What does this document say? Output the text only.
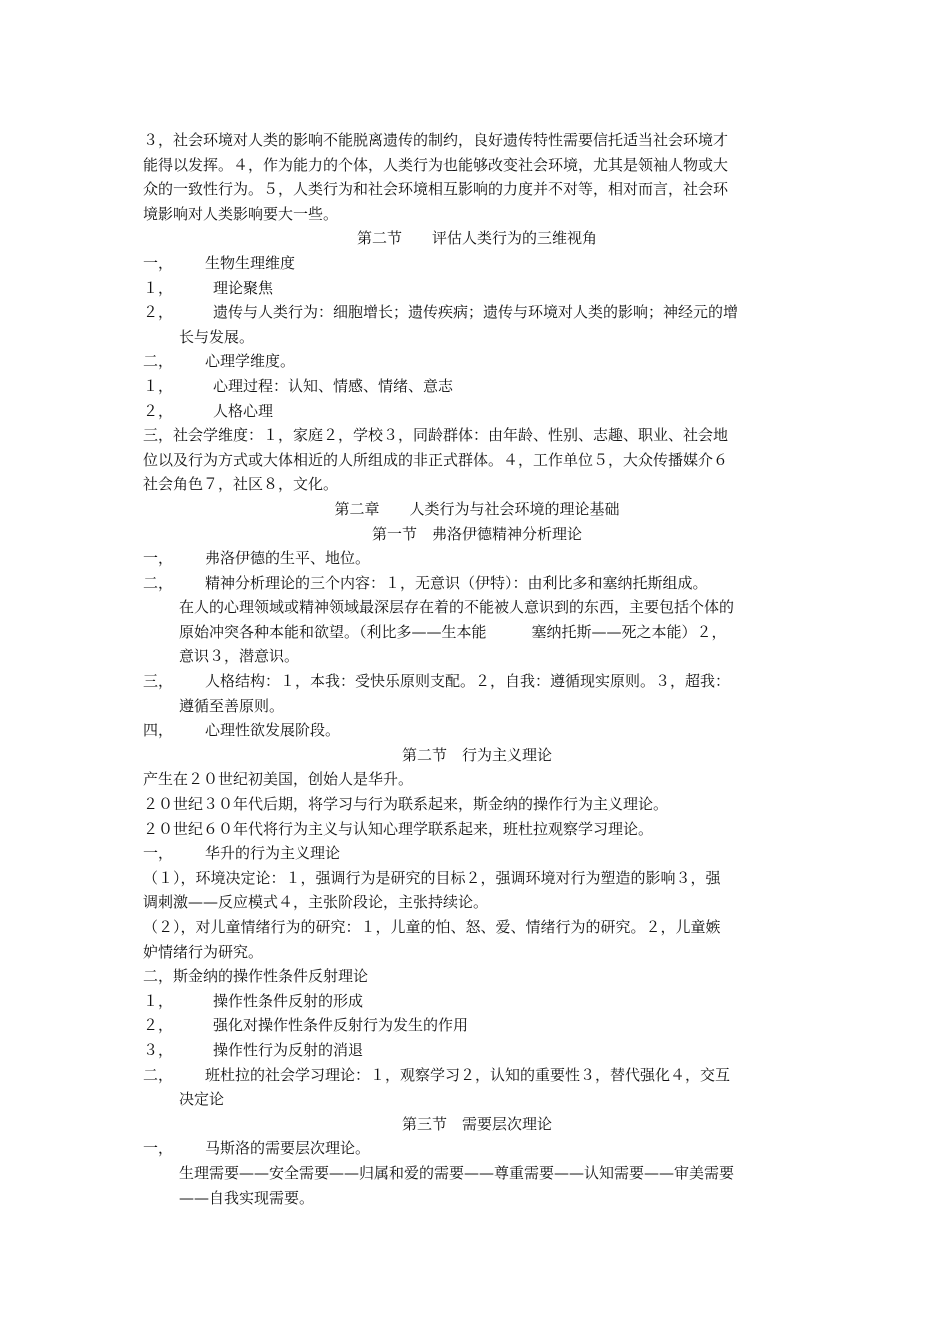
３，社会环境对人类的影响不能脱离遗传的制约，良好遗传特性需要信托适当社会环境才
能得以发挥。４，作为能力的个体，人类行为也能够改变社会环境，尤其是领袖人物或大
众的一致性行为。５，人类行为和社会环境相互影响的力度并不对等，相对而言，社会环
境影响对人类影响要大一些。
第二节　　评估人类行为的三维视角
一， 生物生理维度
１，	理论聚焦
２，	遗传与人类行为：细胞增长；遗传疾病；遗传与环境对人类的影响；神经元的增
长与发展。
二， 心理学维度。
１，	心理过程：认知、情感、情绪、意志
２，	人格心理
三，社会学维度：１，家庭２，学校３，同龄群体：由年龄、性别、志趣、职业、社会地
位以及行为方式或大体相近的人所组成的非正式群体。４，工作单位５，大众传播媒介６
社会角色７，社区８，文化。
第二章　　人类行为与社会环境的理论基础
第一节　弗洛伊德精神分析理论
一， 弗洛伊德的生平、地位。
二， 精神分析理论的三个内容：１，无意识（伊特）：由利比多和塞纳托斯组成。
在人的心理领域或精神领域最深层存在着的不能被人意识到的东西，主要包括个体的
原始冲突各种本能和欲望。（利比多——生本能　　　塞纳托斯——死之本能）２，
意识３，潜意识。
三， 人格结构：１，本我：受快乐原则支配。２，自我：遵循现实原则。３，超我：
遵循至善原则。
四， 心理性欲发展阶段。
第二节　行为主义理论
产生在２０世纪初美国，创始人是华升。
２０世纪３０年代后期，将学习与行为联系起来，斯金纳的操作行为主义理论。
２０世纪６０年代将行为主义与认知心理学联系起来，班杜拉观察学习理论。
一， 华升的行为主义理论
（１），环境决定论：１，强调行为是研究的目标２，强调环境对行为塑造的影响３，强
调刺激——反应模式４，主张阶段论，主张持续论。
（２），对儿童情绪行为的研究：１，儿童的怕、怒、爱、情绪行为的研究。２，儿童嫉
妒情绪行为研究。
二，斯金纳的操作性条件反射理论
１，	操作性条件反射的形成
２，	强化对操作性条件反射行为发生的作用
３，	操作性行为反射的消退
二， 班杜拉的社会学习理论：１，观察学习２，认知的重要性３，替代强化４，交互
决定论
第三节　需要层次理论
一， 马斯洛的需要层次理论。
生理需要——安全需要——归属和爱的需要——尊重需要——认知需要——审美需要
——自我实现需要。
